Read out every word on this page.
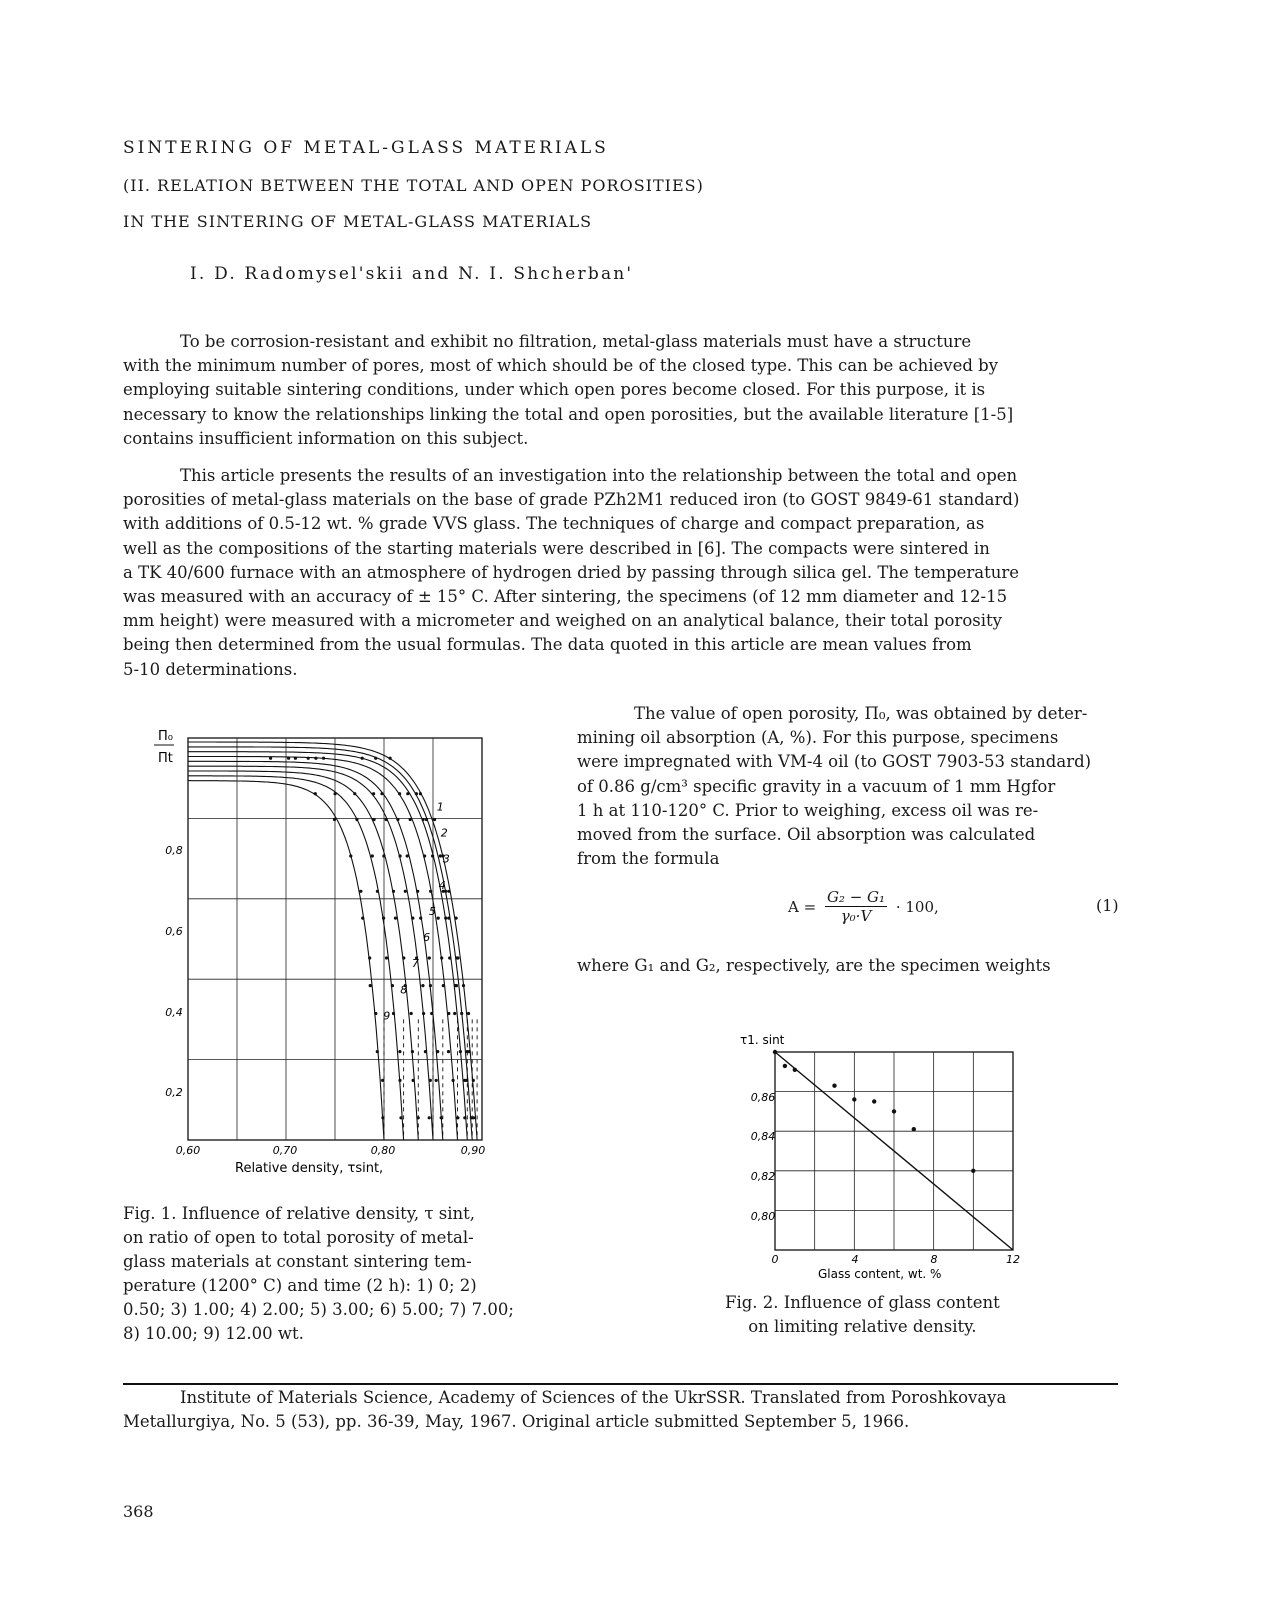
SINTERING OF METAL-GLASS MATERIALS
(II. RELATION BETWEEN THE TOTAL AND OPEN POROSITIES)
IN THE SINTERING OF METAL-GLASS MATERIALS
I. D. Radomysel'skii and N. I. Shcherban'
To be corrosion-resistant and exhibit no filtration, metal-glass materials must have a structure
with the minimum number of pores, most of which should be of the closed type. This can be achieved by
employing suitable sintering conditions, under which open pores become closed. For this purpose, it is
necessary to know the relationships linking the total and open porosities, but the available literature [1-5]
contains insufficient information on this subject.
This article presents the results of an investigation into the relationship between the total and open
porosities of metal-glass materials on the base of grade PZh2M1 reduced iron (to GOST 9849-61 standard)
with additions of 0.5-12 wt. % grade VVS glass. The techniques of charge and compact preparation, as
well as the compositions of the starting materials were described in [6]. The compacts were sintered in
a TK 40/600 furnace with an atmosphere of hydrogen dried by passing through silica gel. The temperature
was measured with an accuracy of ± 15° C. After sintering, the specimens (of 12 mm diameter and 12-15
mm height) were measured with a micrometer and weighed on an analytical balance, their total porosity
being then determined from the usual formulas. The data quoted in this article are mean values from
5-10 determinations.
1
2
3
4
5
6
7
8
9
Π₀
Πt
0,8
0,6
0,4
0,2
0,60	0,70	0,80	0,90
Relative density, τsint,
Fig. 1. Influence of relative density, τ sint,
on ratio of open to total porosity of metal-
glass materials at constant sintering tem-
perature (1200° C) and time (2 h): 1) 0; 2)
0.50; 3) 1.00; 4) 2.00; 5) 3.00; 6) 5.00; 7) 7.00;
8) 10.00; 9) 12.00 wt.
The value of open porosity, Π₀, was obtained by deter-
mining oil absorption (A, %). For this purpose, specimens
were impregnated with VM-4 oil (to GOST 7903-53 standard)
of 0.86 g/cm³ specific gravity in a vacuum of 1 mm Hgfor
1 h at 110-120° C. Prior to weighing, excess oil was re-
moved from the surface. Oil absorption was calculated
from the formula
$A = \frac{\text{G₂ − G₁}}{\text{γ₀·V}} \cdot 100$,	(1)
where G₁ and G₂, respectively, are the specimen weights
τ1. sint
0,86
0,84
0,82
0,80
0	4	8	12
Glass content, wt. %
Fig. 2. Influence of glass content
on limiting relative density.
Institute of Materials Science, Academy of Sciences of the UkrSSR. Translated from Poroshkovaya
Metallurgiya, No. 5 (53), pp. 36-39, May, 1967. Original article submitted September 5, 1966.
368
